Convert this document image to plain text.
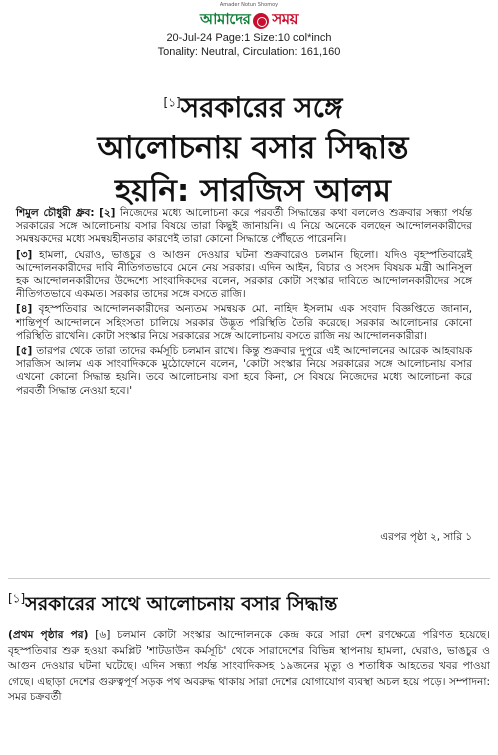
Amader Notun Shomoy
আমাদের সময়
20-Jul-24 Page:1 Size:10 col*inch
Tonality: Neutral, Circulation: 161,160
[১]সরকারের সঙ্গে
আলোচনায় বসার সিদ্ধান্ত
হয়নি: সারজিস আলম

শিমুল চৌধুরী ধ্রুব: [২] নিজেদের মধ্যে আলোচনা করে পরবর্তী সিদ্ধান্তের কথা বললেও শুক্রবার সন্ধ্যা পর্যন্ত সরকারের সঙ্গে আলোচনায় বসার বিষয়ে তারা কিছুই জানায়নি। এ নিয়ে অনেকে বলছেন আন্দোলনকারীদের সমন্বয়কদের মধ্যে সমন্বয়হীনতার কারণেই তারা কোনো সিদ্ধান্তে পৌঁছতে পারেননি।

[৩] হামলা, ঘেরাও, ভাঙচুর ও আগুন দেওয়ার ঘটনা শুক্রবারেও চলমান ছিলো। যদিও বৃহস্পতিবারেই আন্দোলনকারীদের দাবি নীতিগতভাবে মেনে নেয় সরকার। এদিন আইন, বিচার ও সংসদ বিষয়ক মন্ত্রী আনিসুল হক আন্দোলনকারীদের উদ্দেশ্যে সাংবাদিকদের বলেন, সরকার কোটা সংস্কার দাবিতে আন্দোলনকারীদের সঙ্গে নীতিগতভাবে একমত। সরকার তাদের সঙ্গে বসতে রাজি।

[৪] বৃহস্পতিবার আন্দোলনকারীদের অন্যতম সমন্বয়ক মো. নাহিদ ইসলাম এক সংবাদ বিজ্ঞপ্তিতে জানান, শান্তিপূর্ণ আন্দোলনে সহিংসতা চালিয়ে সরকার উদ্ভূত পরিস্থিতি তৈরি করেছে। সরকার আলোচনার কোনো পরিস্থিতি রাখেনি। কোটা সংস্কার নিয়ে সরকারের সঙ্গে আলোচনায় বসতে রাজি নয় আন্দোলনকারীরা।

[৫] তারপর থেকে তারা তাদের কর্মসূচি চলমান রাখে। কিন্তু শুক্রবার দুপুরে এই আন্দোলনের আরেক আহবায়ক সারজিস আলম এক সাংবাদিককে মুঠোফোনে বলেন, 'কোটা সংস্কার নিয়ে সরকারের সঙ্গে আলোচনায় বসার এখনো কোনো সিদ্ধান্ত হয়নি। তবে আলোচনায় বসা হবে কিনা, সে বিষয়ে নিজেদের মধ্যে আলোচনা করে পরবর্তী সিদ্ধান্ত নেওয়া হবে।'

এরপর পৃষ্ঠা ২, সারি ১
[১]সরকারের সাথে আলোচনায় বসার সিদ্ধান্ত
(প্রথম পৃষ্ঠার পর) [৬] চলমান কোটা সংস্কার আন্দোলনকে কেন্দ্র করে সারা দেশ রণক্ষেত্রে পরিণত হয়েছে। বৃহস্পতিবার শুরু হওয়া কমপ্লিট 'শাটডাউন কর্মসূচি' থেকে সারাদেশের বিভিন্ন স্থাপনায় হামলা, ঘেরাও, ভাঙচুর ও আগুন দেওয়ার ঘটনা ঘটেছে। এদিন সন্ধ্যা পর্যন্ত সাংবাদিকসহ ১৯জনের মৃত্যু ও শতাধিক আহতের খবর পাওয়া গেছে। এছাড়া দেশের গুরুত্বপূর্ণ সড়ক পথ অবরুদ্ধ থাকায় সারা দেশের যোগাযোগ ব্যবস্থা অচল হয়ে পড়ে। সম্পাদনা: সমর চক্রবর্তী
